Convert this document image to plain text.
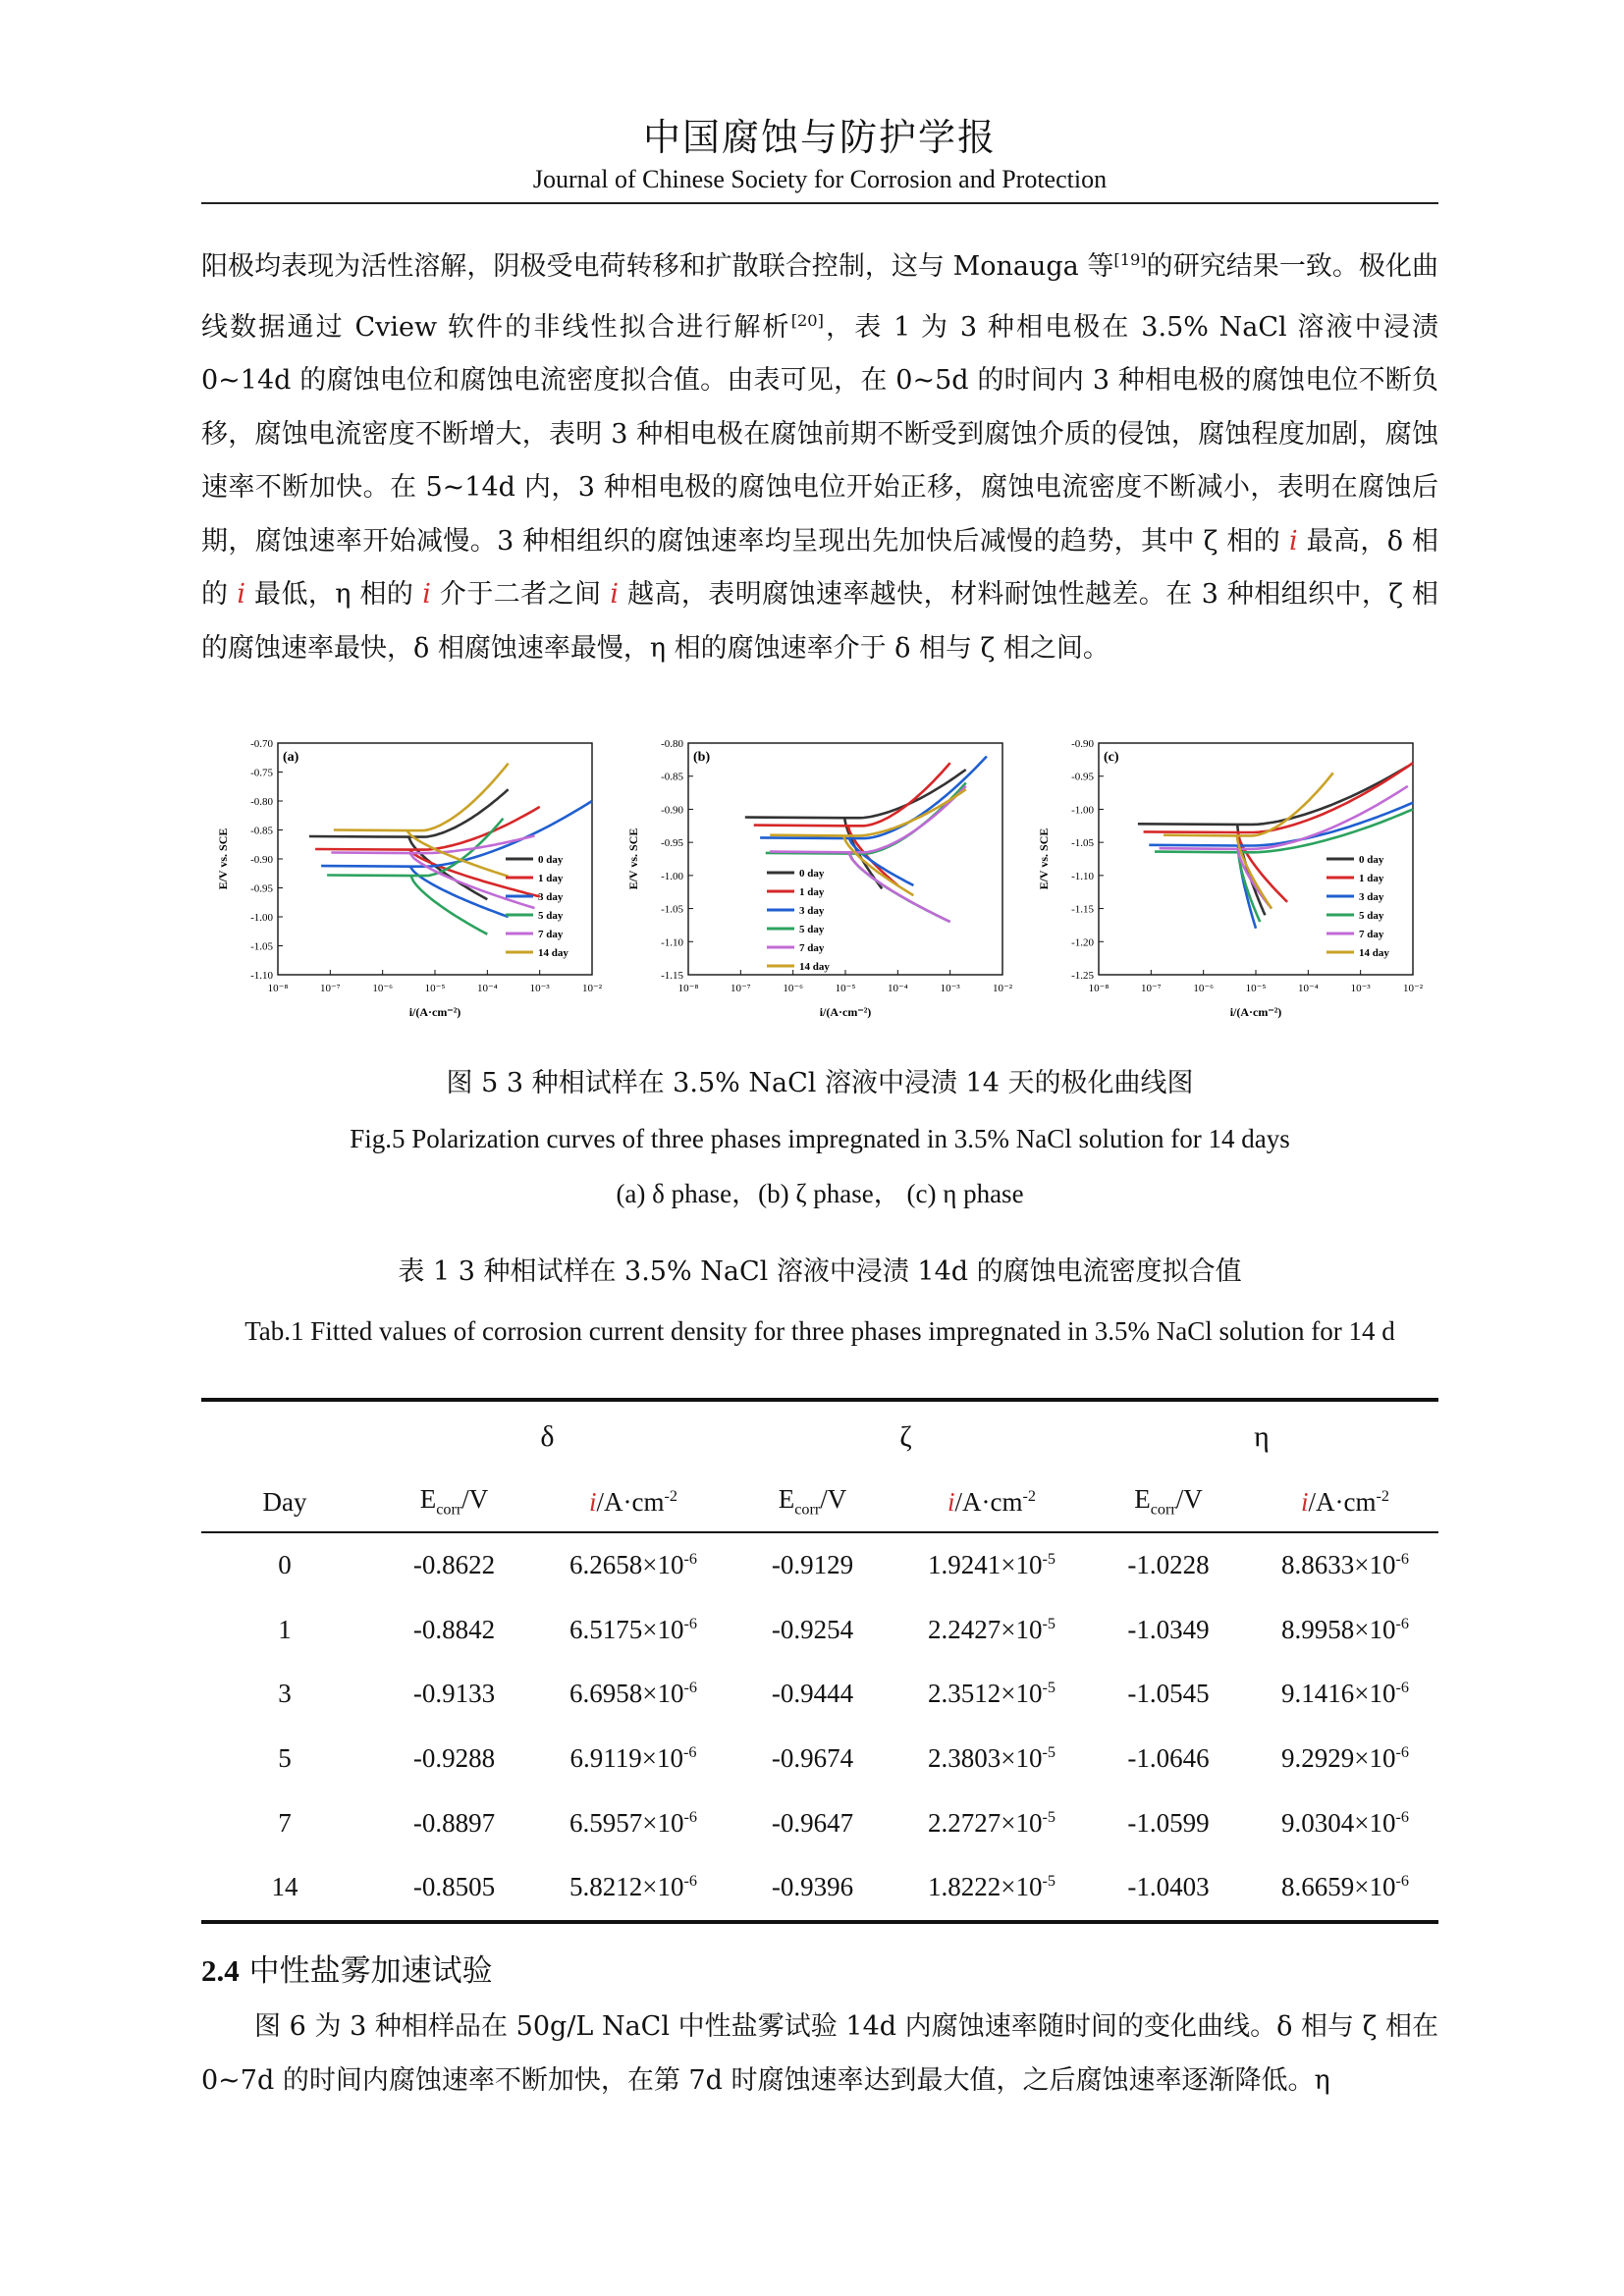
中国腐蚀与防护学报
Journal of Chinese Society for Corrosion and Protection
阳极均表现为活性溶解，阴极受电荷转移和扩散联合控制，这与 Monauga 等[19]的研究结果一致。极化曲线数据通过 Cview 软件的非线性拟合进行解析[20]，表 1 为 3 种相电极在 3.5% NaCl 溶液中浸渍 0~14d 的腐蚀电位和腐蚀电流密度拟合值。由表可见，在 0~5d 的时间内 3 种相电极的腐蚀电位不断负移，腐蚀电流密度不断增大，表明 3 种相电极在腐蚀前期不断受到腐蚀介质的侵蚀，腐蚀程度加剧，腐蚀速率不断加快。在 5~14d 内，3 种相电极的腐蚀电位开始正移，腐蚀电流密度不断减小，表明在腐蚀后期，腐蚀速率开始减慢。3 种相组织的腐蚀速率均呈现出先加快后减慢的趋势，其中 ζ 相的 i 最高，δ 相的 i 最低，η 相的 i 介于二者之间 i 越高，表明腐蚀速率越快，材料耐蚀性越差。在 3 种相组织中，ζ 相的腐蚀速率最快，δ 相腐蚀速率最慢，η 相的腐蚀速率介于 δ 相与 ζ 相之间。
-0.70
-0.75
-0.80
-0.85
-0.90
-0.95
-1.00
-1.05
-1.10
10⁻⁸	10⁻⁷	10⁻⁶	10⁻⁵	10⁻⁴	10⁻³	10⁻²
E/V vs. SCE
i/(A·cm⁻²)
(a)
0 day
1 day
3 day
5 day
7 day
14 day
-0.80
-0.85
-0.90
-0.95
-1.00
-1.05
-1.10
-1.15
10⁻⁸	10⁻⁷	10⁻⁶	10⁻⁵	10⁻⁴	10⁻³	10⁻²
E/V vs. SCE
i/(A·cm⁻²)
(b)
0 day
1 day
3 day
5 day
7 day
14 day
-0.90
-0.95
-1.00
-1.05
-1.10
-1.15
-1.20
-1.25
10⁻⁸	10⁻⁷	10⁻⁶	10⁻⁵	10⁻⁴	10⁻³	10⁻²
E/V vs. SCE
i/(A·cm⁻²)
(c)
0 day
1 day
3 day
5 day
7 day
14 day
图 5 3 种相试样在 3.5% NaCl 溶液中浸渍 14 天的极化曲线图
Fig.5 Polarization curves of three phases impregnated in 3.5% NaCl solution for 14 days
(a) δ phase，(b) ζ phase， (c) η phase
表 1 3 种相试样在 3.5% NaCl 溶液中浸渍 14d 的腐蚀电流密度拟合值
Tab.1 Fitted values of corrosion current density for three phases impregnated in 3.5% NaCl solution for 14 d
	δ		ζ		η	
Day	$E_{corr}/V$	$i/A\cdot cm^{-2}$	$E_{corr}/V$	$i/A\cdot cm^{-2}$	$E_{corr}/V$	$i/A\cdot cm^{-2}$
0	-0.8622	$6.2658\times 10^{-6}$	-0.9129	$1.9241\times 10^{-5}$	-1.0228	$8.8633\times 10^{-6}$
1	-0.8842	$6.5175\times 10^{-6}$	-0.9254	$2.2427\times 10^{-5}$	-1.0349	$8.9958\times 10^{-6}$
3	-0.9133	$6.6958\times 10^{-6}$	-0.9444	$2.3512\times 10^{-5}$	-1.0545	$9.1416\times 10^{-6}$
5	-0.9288	$6.9119\times 10^{-6}$	-0.9674	$2.3803\times 10^{-5}$	-1.0646	$9.2929\times 10^{-6}$
7	-0.8897	$6.5957\times 10^{-6}$	-0.9647	$2.2727\times 10^{-5}$	-1.0599	$9.0304\times 10^{-6}$
14	-0.8505	$5.8212\times 10^{-6}$	-0.9396	$1.8222\times 10^{-5}$	-1.0403	$8.6659\times 10^{-6}$
2.4 中性盐雾加速试验
图 6 为 3 种相样品在 50g/L NaCl 中性盐雾试验 14d 内腐蚀速率随时间的变化曲线。δ 相与 ζ 相在 0~7d 的时间内腐蚀速率不断加快，在第 7d 时腐蚀速率达到最大值，之后腐蚀速率逐渐降低。η
